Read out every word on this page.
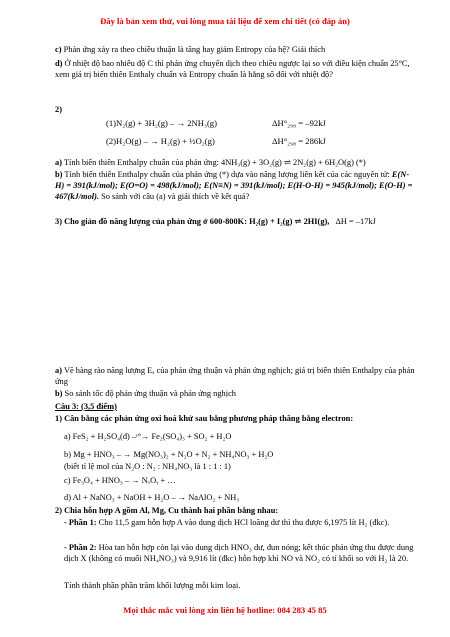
Đây là bản xem thử, vui lòng mua tài liệu để xem chi tiết (có đáp án)
c) Phản ứng xảy ra theo chiều thuận là tăng hay giảm Entropy của hệ? Giải thích
d) Ở nhiệt độ bao nhiêu độ C thì phản ứng chuyển dịch theo chiều ngược lại so với điều kiện chuẩn 25°C, xem giá trị biến thiên Enthaly chuẩn và Entropy chuẩn là hằng số đối với nhiệt độ?
2)
(1)N₂(g) + 3H₂(g) – → 2NH₃(g)	ΔH°₂₉₈ = –92kJ
(2)H₂O(g) – → H₂(g) + ½O₂(g)	ΔH°₂₉₈ = 286kJ
a) Tính biến thiên Enthalpy chuẩn của phản ứng: 4NH₃(g) + 3O₂(g) ⇌ 2N₂(g) + 6H₂O(g) (*)
b) Tính biến thiên Enthalpy chuẩn của phản ứng (*) dựa vào năng lượng liên kết của các nguyên tử: E(N-H) = 391(kJ/mol); E(O=O) = 498(kJ/mol); E(N≡N) = 391(kJ/mol); E(H-O-H) = 945(kJ/mol); E(O-H) = 467(kJ/mol). So sánh với câu (a) và giải thích về kết quả?
3) Cho giản đồ năng lượng của phản ứng ở 600-800K: H₂(g) + I₂(g) ⇌ 2HI(g), ΔH = –17kJ
a) Vẽ hàng rào năng lượng Eₐ của phản ứng thuận và phản ứng nghịch; giá trị biến thiên Enthalpy của phản ứng
b) So sánh tốc độ phản ứng thuận và phản ứng nghịch
Câu 3: (3,5 điểm)
1) Cân bằng các phản ứng oxi hoá khử sau bằng phương pháp thăng bằng electron:
a) FeS₂ + H₂SO₄(đ) –ᵗ°→ Fe₂(SO₄)₃ + SO₂ + H₂O
b) Mg + HNO₃ – → Mg(NO₃)₂ + N₂O + N₂ + NH₄NO₃ + H₂O
(biết tỉ lệ mol của N₂O : N₂ : NH₄NO₃ là 1 : 1 : 1)
c) Fe₃O₄ + HNO₃ – → NₓOᵧ + …
d) Al + NaNO₃ + NaOH + H₂O – → NaAlO₂ + NH₃
2) Chia hỗn hợp A gồm Al, Mg, Cu thành hai phần bằng nhau:
- Phần 1: Cho 11,5 gam hỗn hợp A vào dung dịch HCl loãng dư thì thu được 6,1975 lít H₂ (đkc).
- Phần 2: Hòa tan hỗn hợp còn lại vào dung dịch HNO₃ dư, đun nóng; kết thúc phản ứng thu được dung dịch X (không có muối NH₄NO₃) và 9,916 lít (đkc) hỗn hợp khí NO và NO₂ có tỉ khối so với H₂ là 20.
Tính thành phần phần trăm khối lượng mỗi kim loại.
Mọi thắc mắc vui lòng xin liên hệ hotline: 084 283 45 85
